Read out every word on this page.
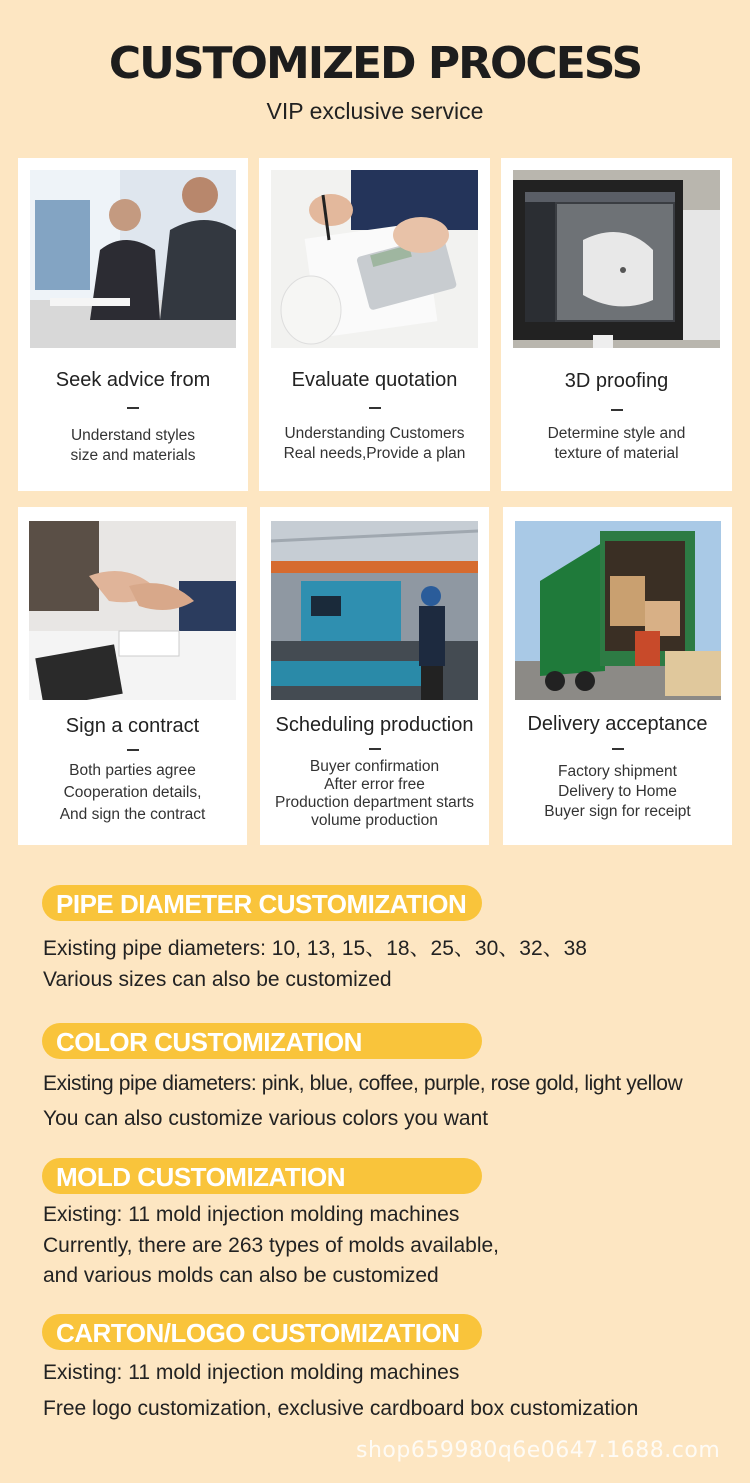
CUSTOMIZED PROCESS
VIP exclusive service
Seek advice from
Understand styles
size and materials
Evaluate quotation
Understanding Customers
Real needs,Provide a plan
3D proofing
Determine style and
texture of material
Sign a contract
Both parties agree
Cooperation details,
And sign the contract
Scheduling production
Buyer confirmation
After error free
Production department starts
volume production
Delivery acceptance
Factory shipment
Delivery to Home
Buyer sign for receipt
PIPE DIAMETER CUSTOMIZATION
Existing pipe diameters: 10, 13, 15、18、25、30、32、38
Various sizes can also be customized
COLOR CUSTOMIZATION
Existing pipe diameters: pink, blue, coffee, purple, rose gold, light yellow
You can also customize various colors you want
MOLD CUSTOMIZATION
Existing: 11 mold injection molding machines
Currently, there are 263 types of molds available,
and various molds can also be customized
CARTON/LOGO CUSTOMIZATION
Existing: 11 mold injection molding machines
Free logo customization, exclusive cardboard box customization
shop659980q6e0647.1688.com
